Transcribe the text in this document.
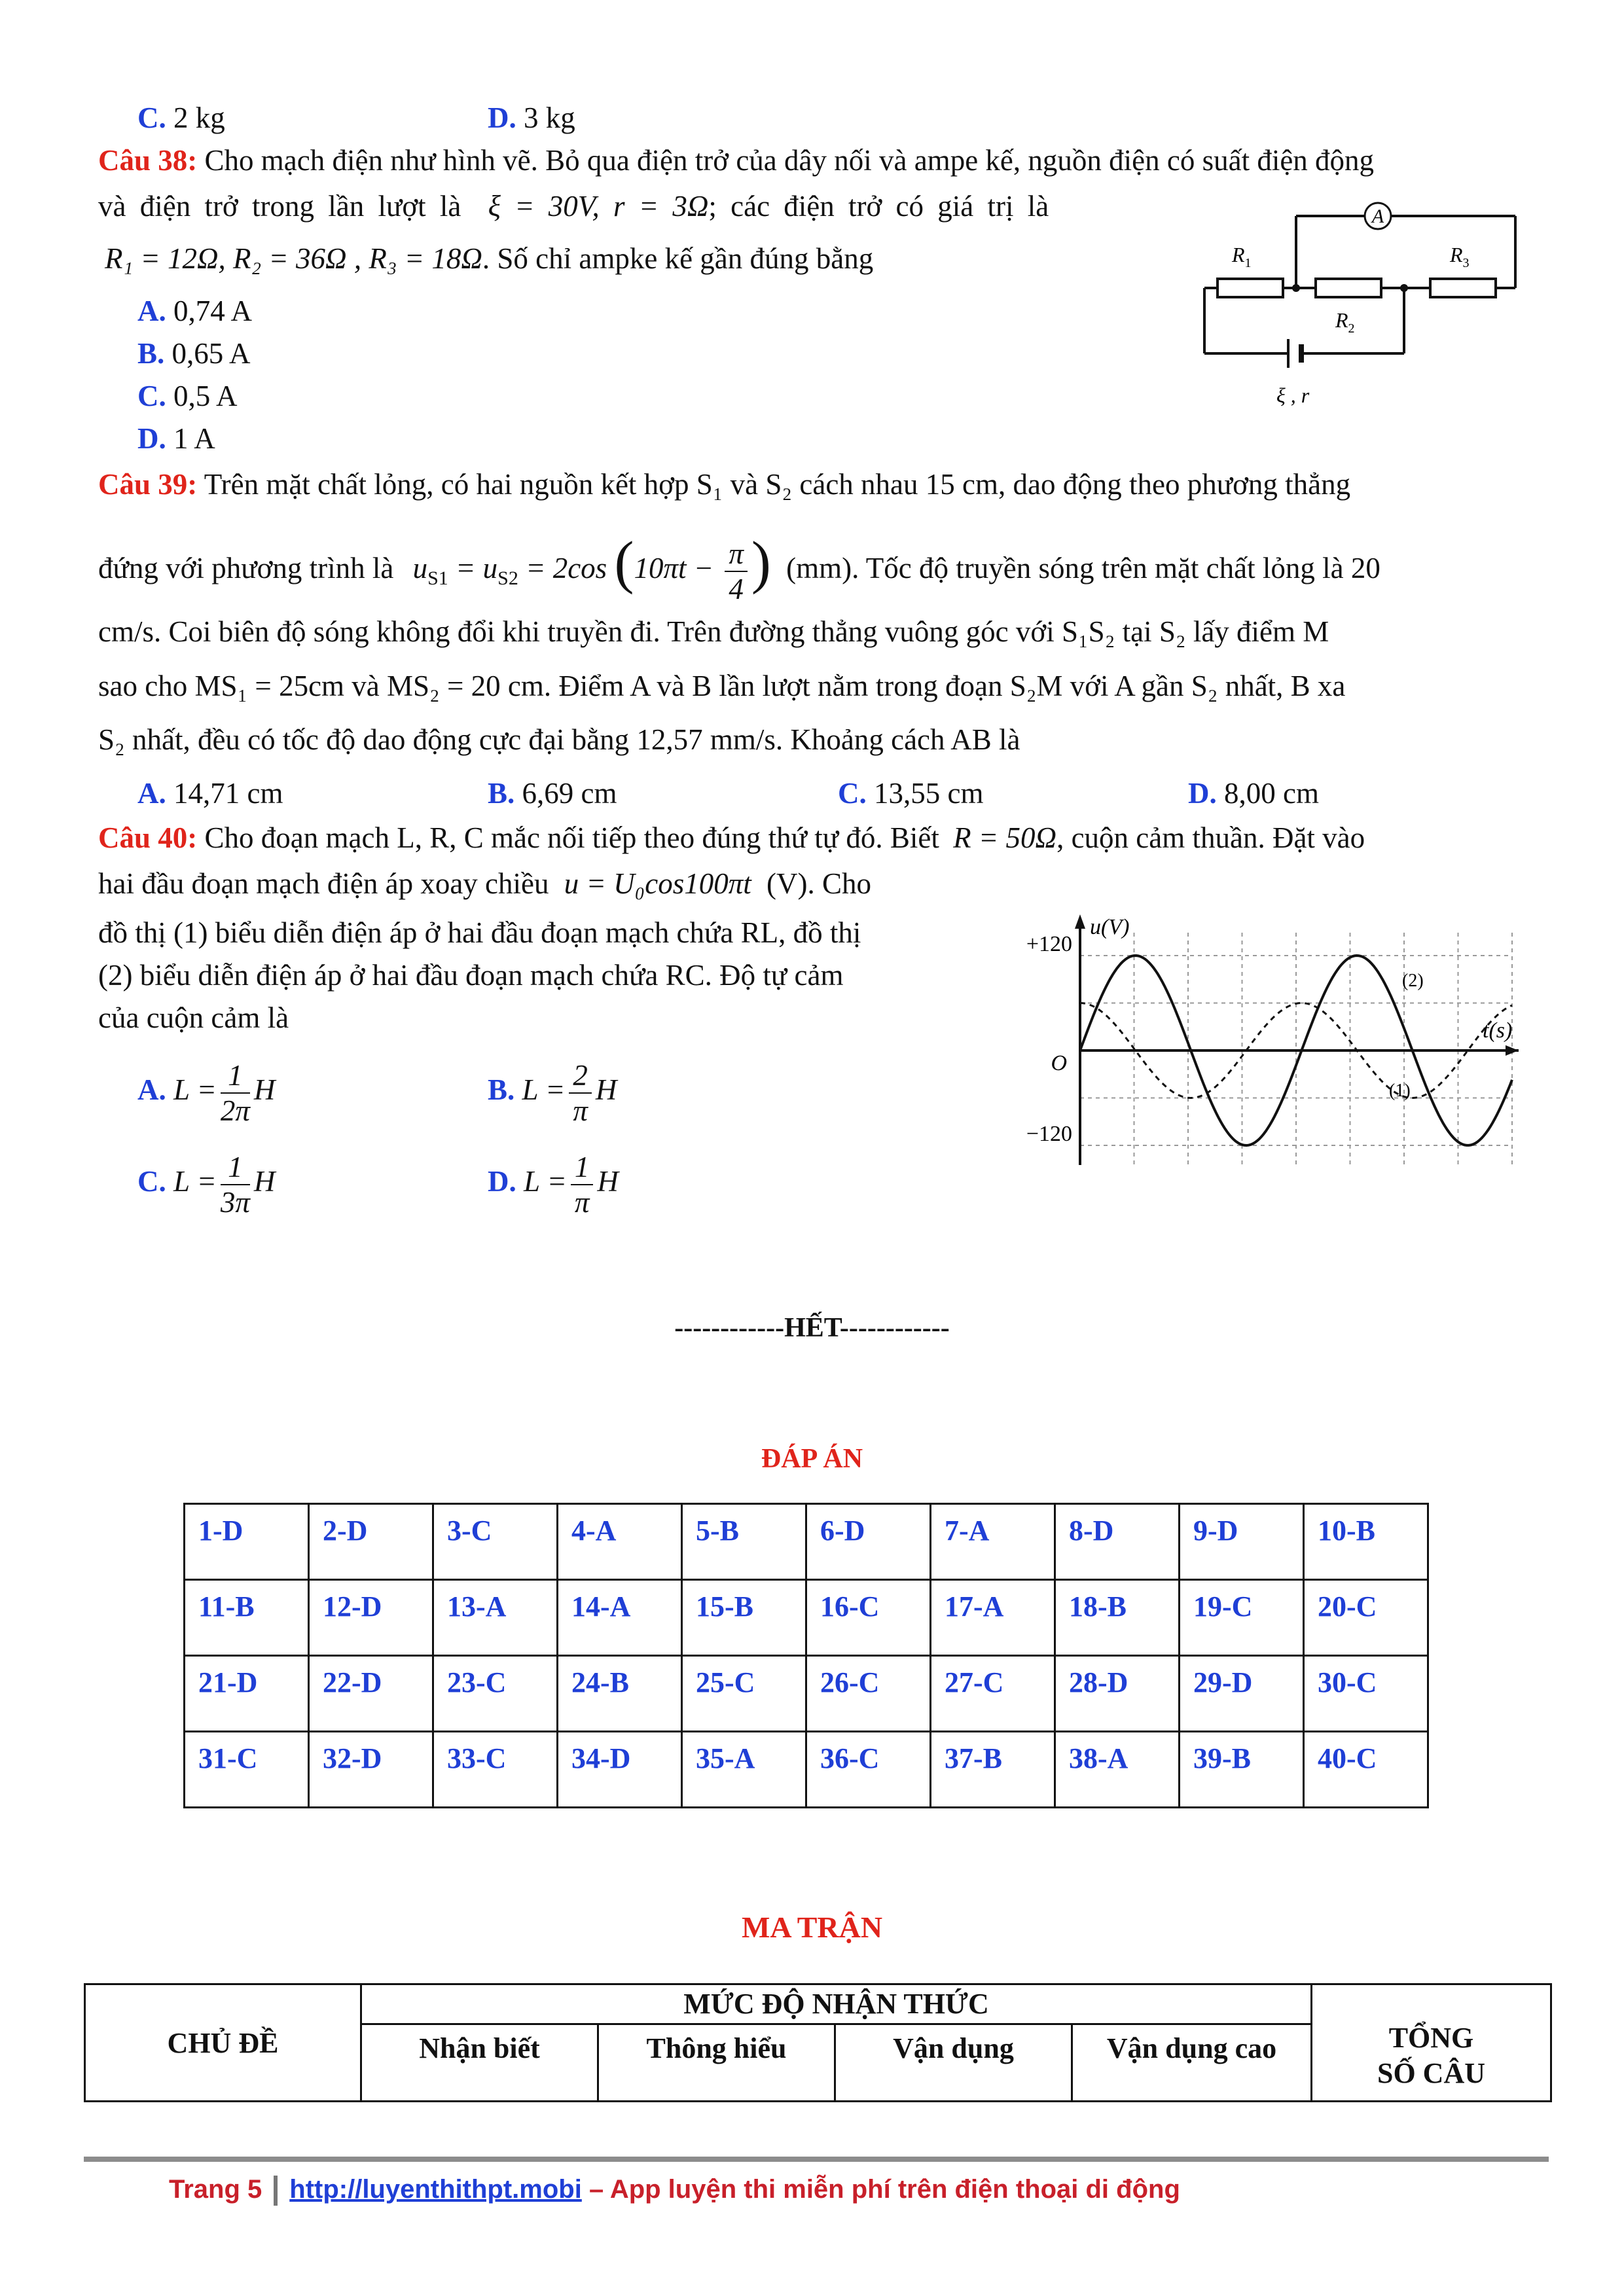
C. 2 kg	D. 3 kg
Câu 38: Cho mạch điện như hình vẽ. Bỏ qua điện trở của dây nối và ampe kế, nguồn điện có suất điện động
và điện trở trong lần lượt là ξ = 30V, r = 3Ω; các điện trở có giá trị là
R₁ = 12Ω, R₂ = 36Ω , R₃ = 18Ω. Số chỉ ampke kế gần đúng bằng
A. 0,74 A
B. 0,65 A
C. 0,5 A
D. 1 A
A
$R_1$
$R_2$
$R_3$
ξ , r
Câu 39: Trên mặt chất lỏng, có hai nguồn kết hợp S₁ và S₂ cách nhau 15 cm, dao động theo phương thẳng
đứng với phương trình là $u_{S1} = u_{S2} = 2\cos$ ($10\pi t - \frac{\pi}{4}$ ) (mm). Tốc độ truyền sóng trên mặt chất lỏng là 20
cm/s. Coi biên độ sóng không đổi khi truyền đi. Trên đường thẳng vuông góc với S₁S₂ tại S₂ lấy điểm M
sao cho MS₁ = 25cm và MS₂ = 20 cm. Điểm A và B lần lượt nằm trong đoạn S₂M với A gần S₂ nhất, B xa
S₂ nhất, đều có tốc độ dao động cực đại bằng 12,57 mm/s. Khoảng cách AB là
A. 14,71 cm	B. 6,69 cm	C. 13,55 cm	D. 8,00 cm
Câu 40: Cho đoạn mạch L, R, C mắc nối tiếp theo đúng thứ tự đó. Biết R = 50Ω, cuộn cảm thuần. Đặt vào
hai đầu đoạn mạch điện áp xoay chiều u = U₀cos100πt (V). Cho
đồ thị (1) biểu diễn điện áp ở hai đầu đoạn mạch chứa RL, đồ thị
(2) biểu diễn điện áp ở hai đầu đoạn mạch chứa RC. Độ tự cảm
của cuộn cảm là
A. $L = \frac{1}{2\pi}$ H	B. $L = \frac{2}{\pi}$ H
C. $L = \frac{1}{3\pi}$ H	D. $L = \frac{1}{\pi}$ H
+120
−120
O
u(V)
t(s)
(2)
(1)
------------HẾT------------
ĐÁP ÁN
1-D	2-D	3-C	4-A	5-B	6-D	7-A	8-D	9-D	10-B
11-B	12-D	13-A	14-A	15-B	16-C	17-A	18-B	19-C	20-C
21-D	22-D	23-C	24-B	25-C	26-C	27-C	28-D	29-D	30-C
31-C	32-D	33-C	34-D	35-A	36-C	37-B	38-A	39-B	40-C
MA TRẬN
CHỦ ĐỀ	MỨC ĐỘ NHẬN THỨC				TỔNG
SỐ CÂU
	Nhận biết	Thông hiểu	Vận dụng	Vận dụng cao	
Trang 5 http://luyenthithpt.mobi – App luyện thi miễn phí trên điện thoại di động
